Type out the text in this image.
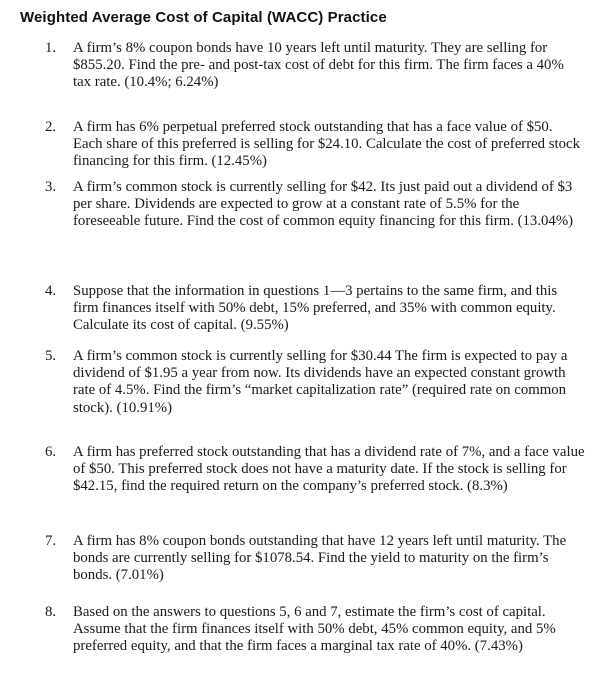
Weighted Average Cost of Capital (WACC) Practice
1.	A firm’s 8% coupon bonds have 10 years left until maturity. They are selling for $855.20. Find the pre- and post-tax cost of debt for this firm. The firm faces a 40% tax rate. (10.4%; 6.24%)
2.	A firm has 6% perpetual preferred stock outstanding that has a face value of $50. Each share of this preferred is selling for $24.10. Calculate the cost of preferred stock financing for this firm. (12.45%)
3.	A firm’s common stock is currently selling for $42. Its just paid out a dividend of $3 per share. Dividends are expected to grow at a constant rate of 5.5% for the foreseeable future. Find the cost of common equity financing for this firm. (13.04%)
4.	Suppose that the information in questions 1—3 pertains to the same firm, and this firm finances itself with 50% debt, 15% preferred, and 35% with common equity. Calculate its cost of capital. (9.55%)
5.	A firm’s common stock is currently selling for $30.44 The firm is expected to pay a dividend of $1.95 a year from now. Its dividends have an expected constant growth rate of 4.5%. Find the firm’s “market capitalization rate” (required rate on common stock). (10.91%)
6.	A firm has preferred stock outstanding that has a dividend rate of 7%, and a face value of $50. This preferred stock does not have a maturity date. If the stock is selling for $42.15, find the required return on the company’s preferred stock. (8.3%)
7.	A firm has 8% coupon bonds outstanding that have 12 years left until maturity. The bonds are currently selling for $1078.54. Find the yield to maturity on the firm’s bonds. (7.01%)
8.	Based on the answers to questions 5, 6 and 7, estimate the firm’s cost of capital. Assume that the firm finances itself with 50% debt, 45% common equity, and 5% preferred equity, and that the firm faces a marginal tax rate of 40%. (7.43%)
